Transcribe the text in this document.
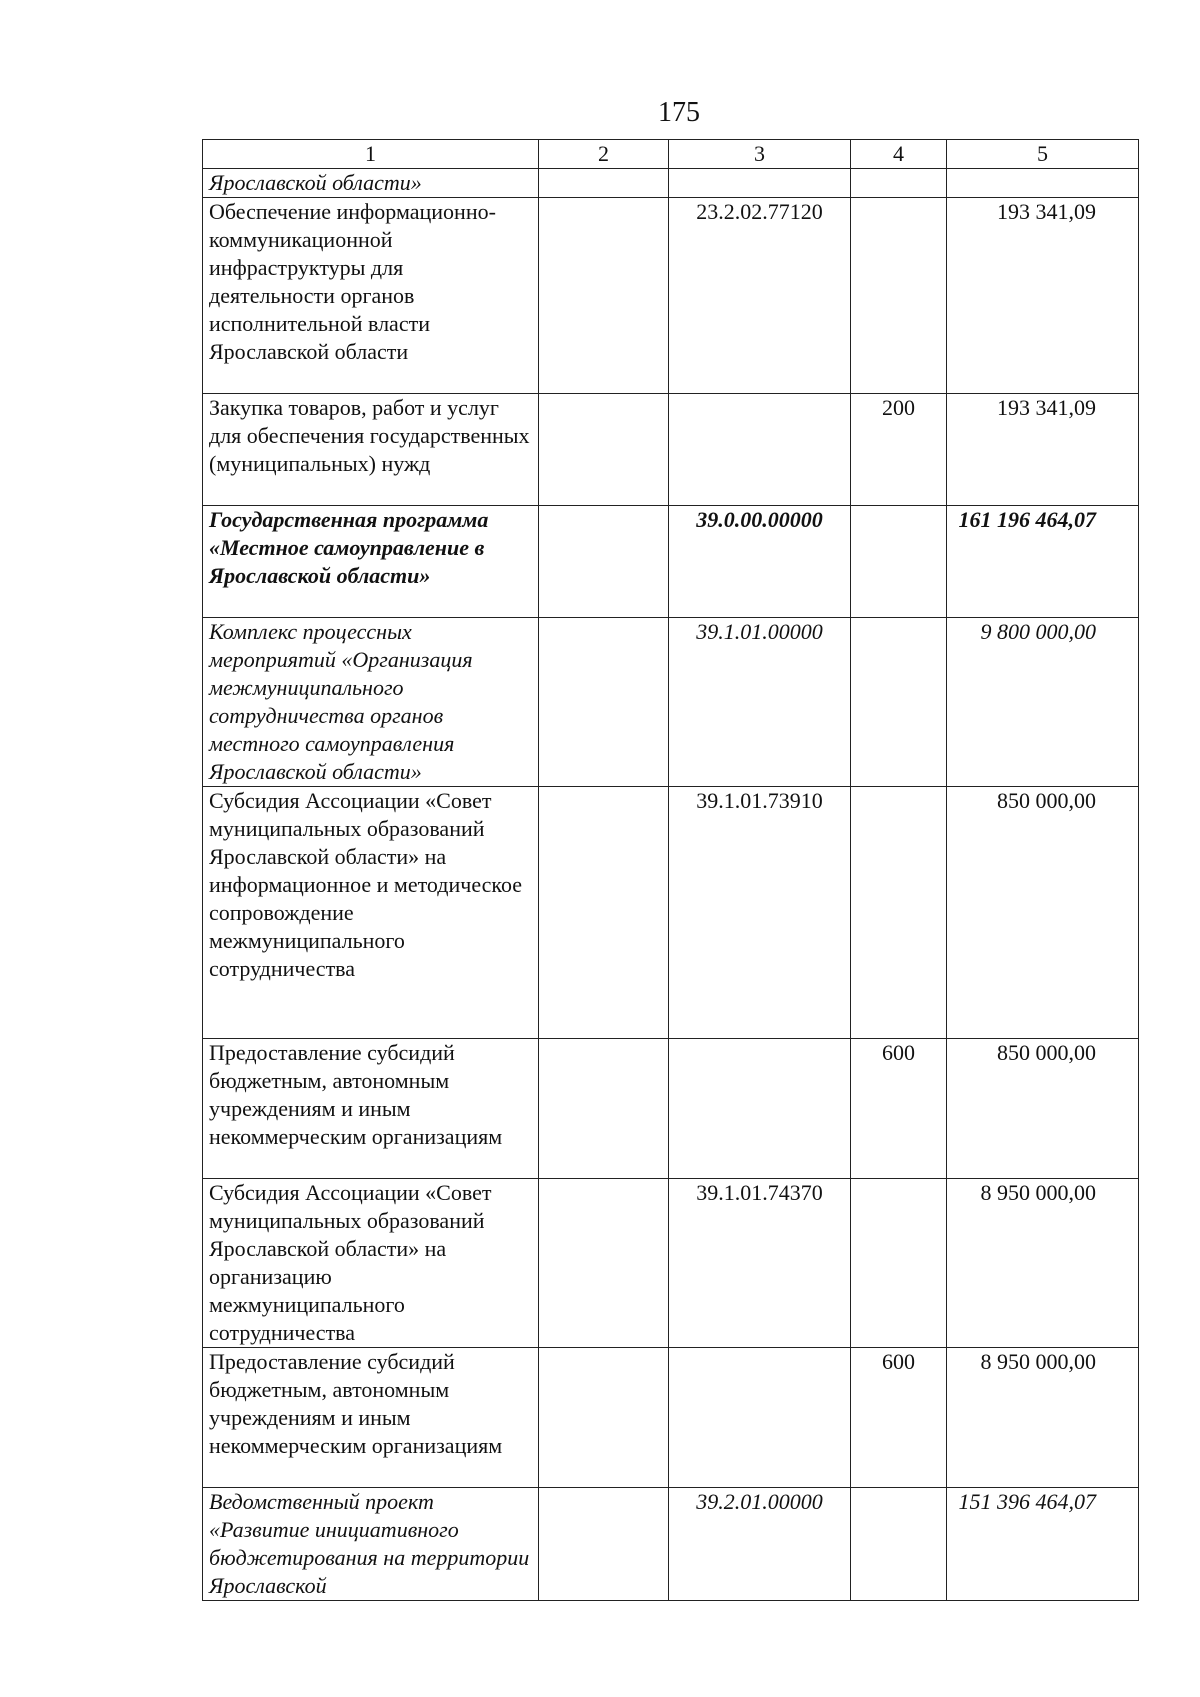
175
1	2	3	4	5
Ярославской области»				
Обеспечение информационно-коммуникационной инфраструктуры для деятельности органов исполнительной власти Ярославской области		23.2.02.77120		193 341,09
Закупка товаров, работ и услуг для обеспечения государственных (муниципальных) нужд			200	193 341,09
Государственная программа «Местное самоуправление в Ярославской области»		39.0.00.00000		161 196 464,07
Комплекс процессных мероприятий «Организация межмуниципального сотрудничества органов местного самоуправления Ярославской области»		39.1.01.00000		9 800 000,00
Субсидия Ассоциации «Совет муниципальных образований Ярославской области» на информационное и методическое сопровождение межмуниципального сотрудничества		39.1.01.73910		850 000,00
Предоставление субсидий бюджетным, автономным учреждениям и иным некоммерческим организациям			600	850 000,00
Субсидия Ассоциации «Совет муниципальных образований Ярославской области» на организацию межмуниципального сотрудничества		39.1.01.74370		8 950 000,00
Предоставление субсидий бюджетным, автономным учреждениям и иным некоммерческим организациям			600	8 950 000,00
Ведомственный проект «Развитие инициативного бюджетирования на территории Ярославской		39.2.01.00000		151 396 464,07
